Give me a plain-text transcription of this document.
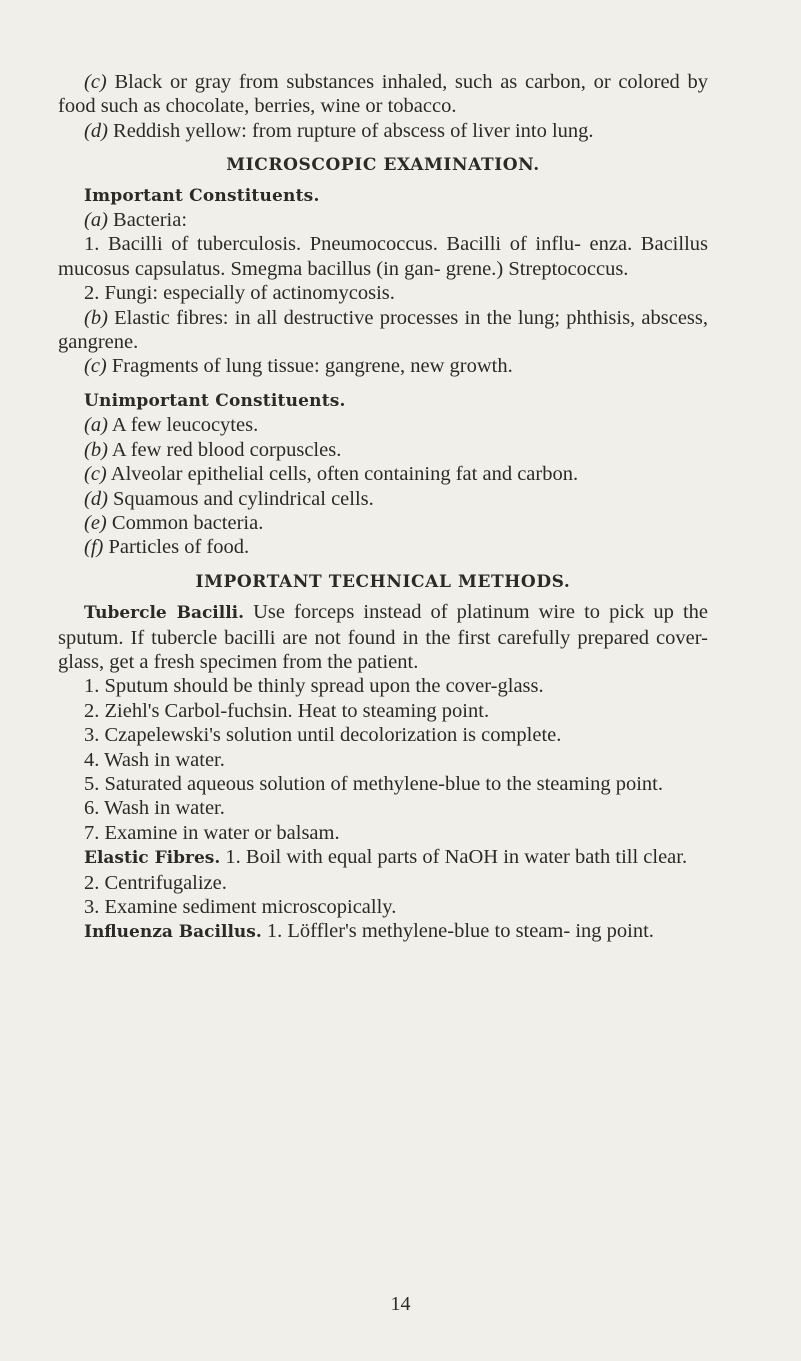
(c) Black or gray from substances inhaled, such as carbon, or colored by food such as chocolate, berries, wine or tobacco.

(d) Reddish yellow: from rupture of abscess of liver into lung.

MICROSCOPIC EXAMINATION.

Important Constituents.

(a) Bacteria:

1. Bacilli of tuberculosis. Pneumococcus. Bacilli of influ- enza. Bacillus mucosus capsulatus. Smegma bacillus (in gan- grene.) Streptococcus.

2. Fungi: especially of actinomycosis.

(b) Elastic fibres: in all destructive processes in the lung; phthisis, abscess, gangrene.

(c) Fragments of lung tissue: gangrene, new growth.

Unimportant Constituents.

(a) A few leucocytes.

(b) A few red blood corpuscles.

(c) Alveolar epithelial cells, often containing fat and carbon.

(d) Squamous and cylindrical cells.

(e) Common bacteria.

(f) Particles of food.

IMPORTANT TECHNICAL METHODS.

Tubercle Bacilli. Use forceps instead of platinum wire to pick up the sputum. If tubercle bacilli are not found in the first carefully prepared cover-glass, get a fresh specimen from the patient.

1. Sputum should be thinly spread upon the cover-glass.

2. Ziehl's Carbol-fuchsin. Heat to steaming point.

3. Czapelewski's solution until decolorization is complete.

4. Wash in water.

5. Saturated aqueous solution of methylene-blue to the steaming point.

6. Wash in water.

7. Examine in water or balsam.

Elastic Fibres. 1. Boil with equal parts of NaOH in water bath till clear.

2. Centrifugalize.

3. Examine sediment microscopically.

Influenza Bacillus. 1. Löffler's methylene-blue to steam- ing point.

14
